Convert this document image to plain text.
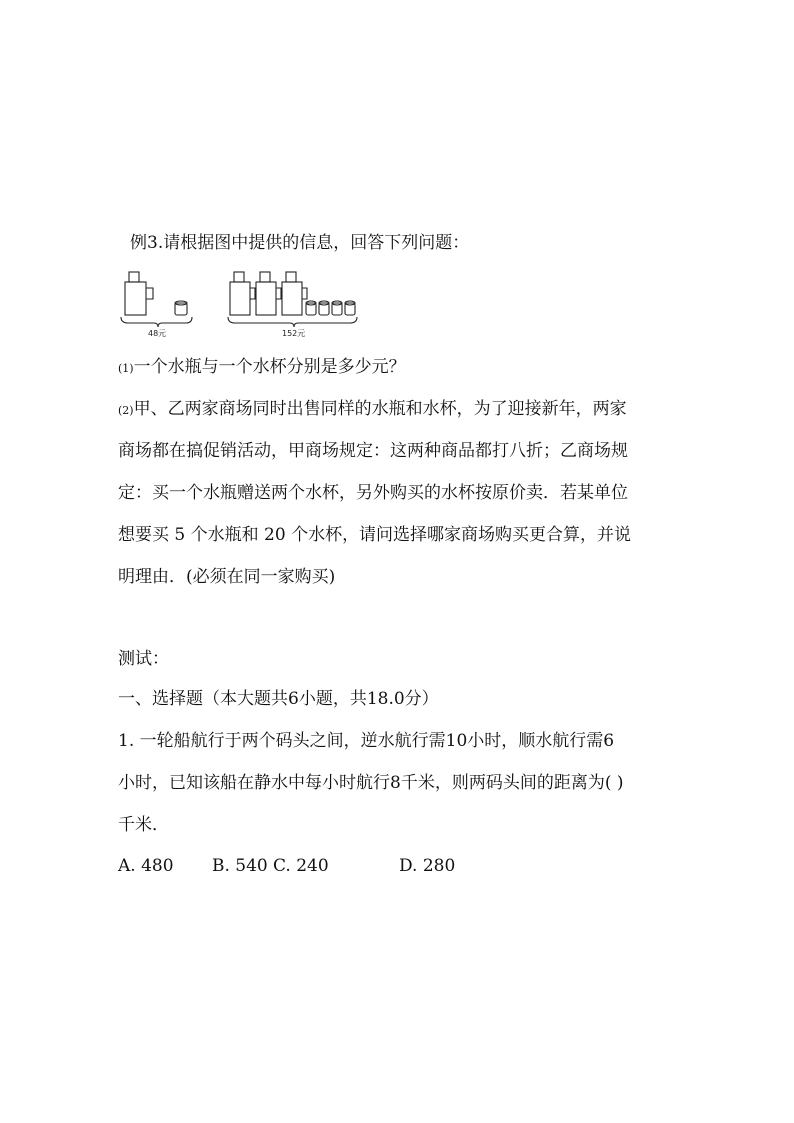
例3.请根据图中提供的信息，回答下列问题：
48元	152元
(1)一个水瓶与一个水杯分别是多少元？
(2)甲、乙两家商场同时出售同样的水瓶和水杯，为了迎接新年，两家
商场都在搞促销活动，甲商场规定：这两种商品都打八折；乙商场规
定：买一个水瓶赠送两个水杯，另外购买的水杯按原价卖．若某单位
想要买 5 个水瓶和 20 个水杯，请问选择哪家商场购买更合算，并说
明理由．(必须在同一家购买)
测试：
一、选择题（本大题共6小题，共18.0分）
1. 一轮船航行于两个码头之间，逆水航行需10小时，顺水航行需6
小时，已知该船在静水中每小时航行8千米，则两码头间的距离为( )
千米．
A. 480 B. 540 C. 240	D. 280
